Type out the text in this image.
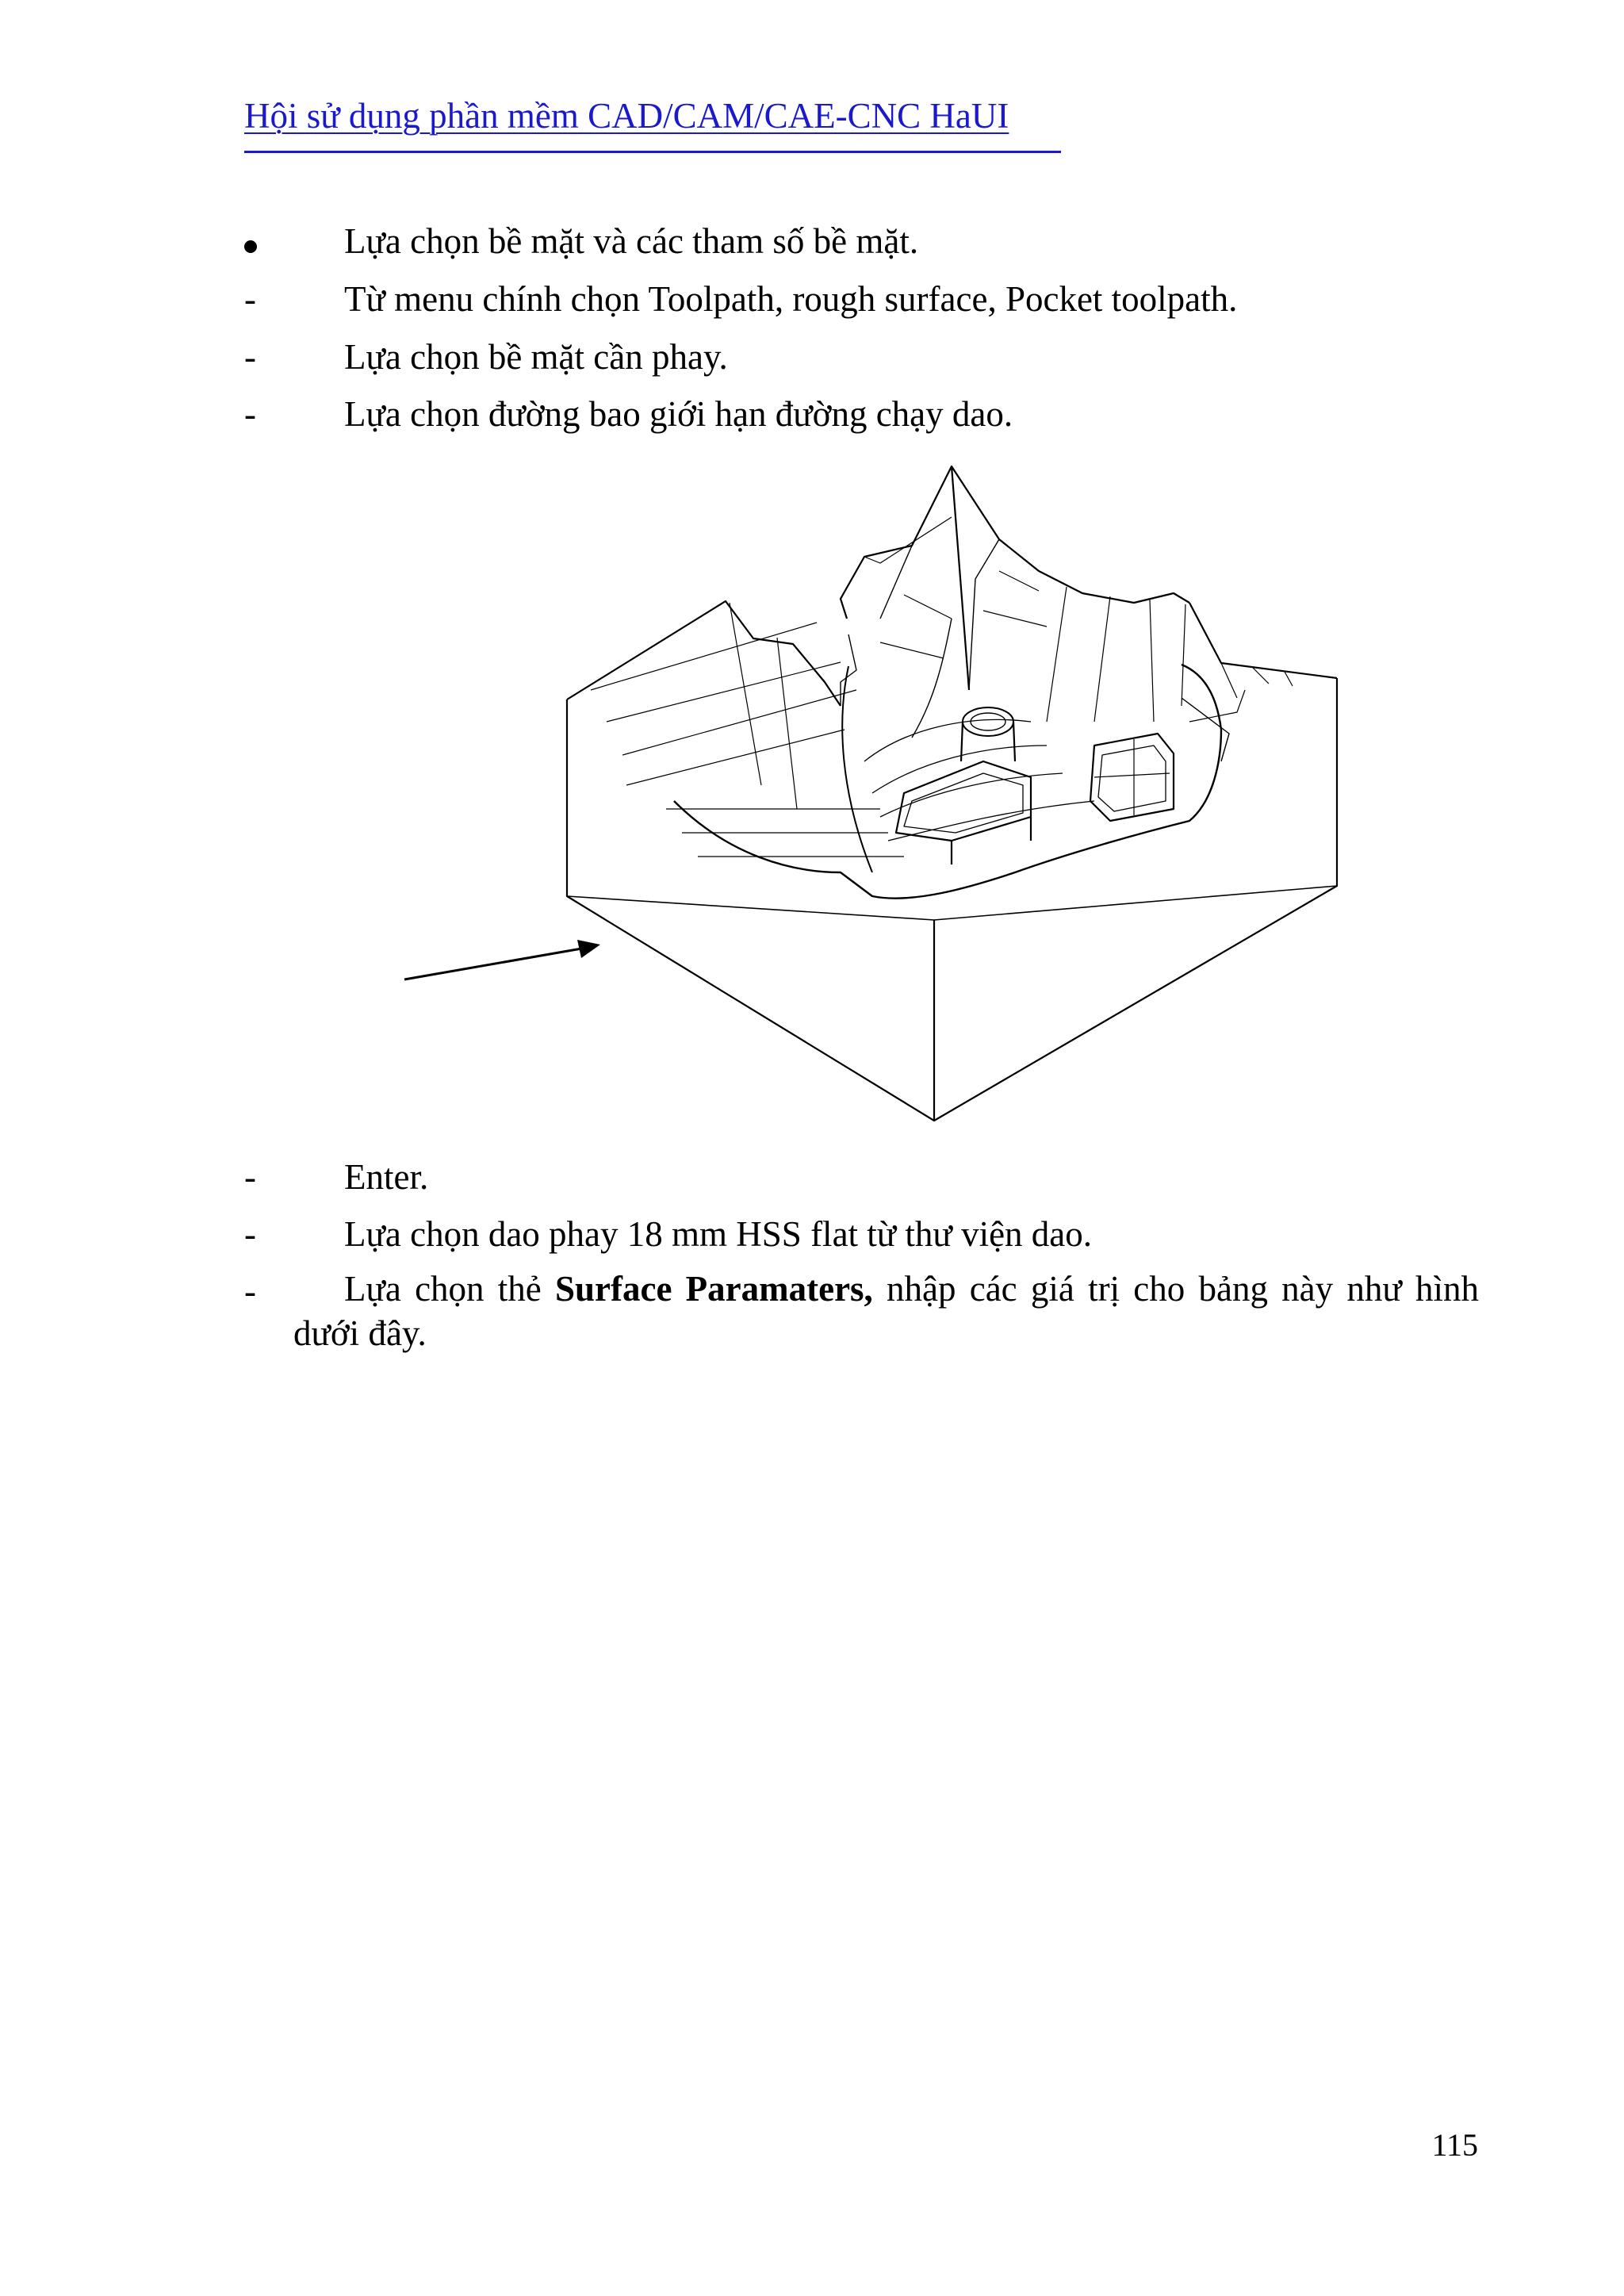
Hội sử dụng phần mềm CAD/CAM/CAE-CNC HaUI
Lựa chọn bề mặt và các tham số bề mặt.
-	Từ menu chính chọn Toolpath, rough surface, Pocket toolpath.
-	Lựa chọn bề mặt cần phay.
-	Lựa chọn đường bao giới hạn đường chạy dao.
-	Enter.
-	Lựa chọn dao phay 18 mm HSS flat từ thư viện dao.
-	Lựa chọn thẻ Surface Paramaters, nhập các giá trị cho bảng này như hình dưới đây.
115
